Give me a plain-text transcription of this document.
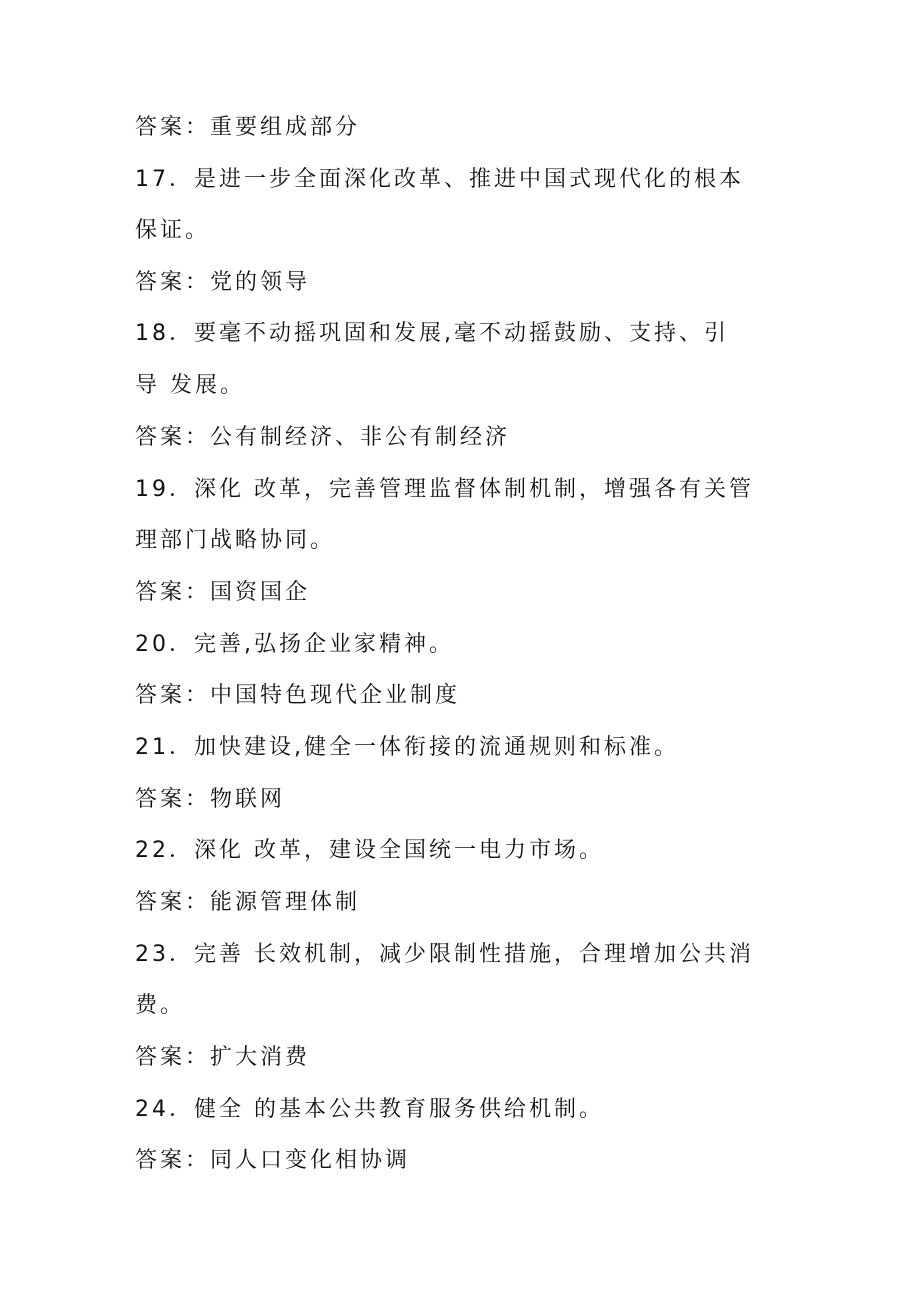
答案：重要组成部分
17．是进一步全面深化改革、推进中国式现代化的根本
保证。
答案：党的领导
18．要毫不动摇巩固和发展,毫不动摇鼓励、支持、引
导 发展。
答案：公有制经济、非公有制经济
19．深化 改革，完善管理监督体制机制，增强各有关管
理部门战略协同。
答案：国资国企
20．完善,弘扬企业家精神。
答案：中国特色现代企业制度
21．加快建设,健全一体衔接的流通规则和标准。
答案：物联网
22．深化 改革，建设全国统一电力市场。
答案：能源管理体制
23．完善 长效机制，减少限制性措施，合理增加公共消
费。
答案：扩大消费
24．健全 的基本公共教育服务供给机制。
答案：同人口变化相协调
